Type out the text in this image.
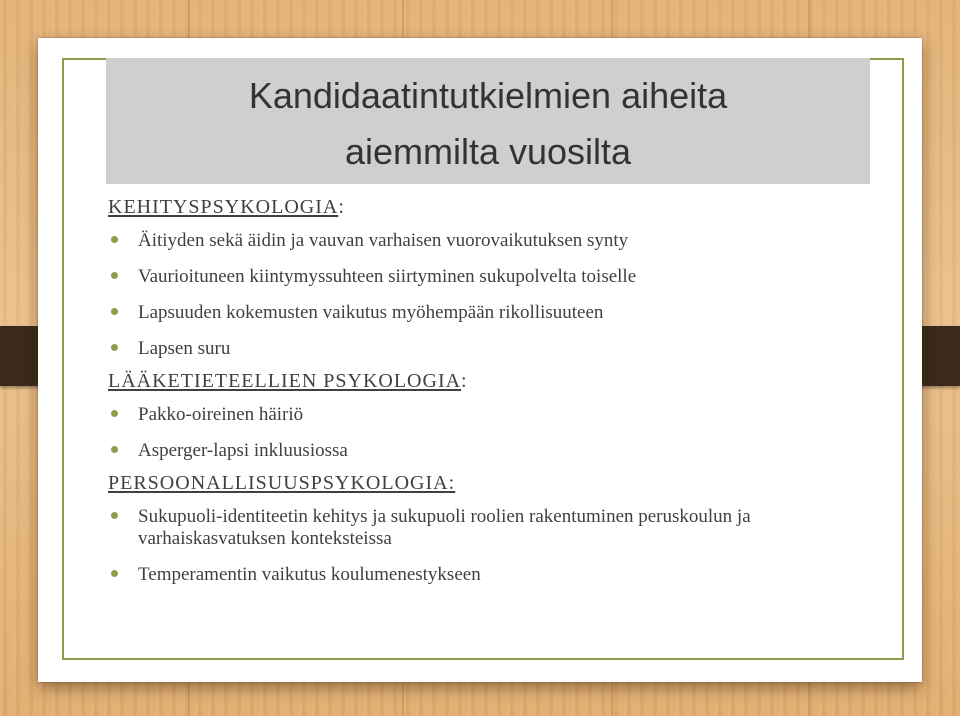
Kandidaatintutkielmien aiheita
aiemmilta vuosilta

KEHITYSPSYKOLOGIA:

Äitiyden sekä äidin ja vauvan varhaisen vuorovaikutuksen synty
Vaurioituneen kiintymyssuhteen siirtyminen sukupolvelta toiselle
Lapsuuden kokemusten vaikutus myöhempään rikollisuuteen
Lapsen suru

LÄÄKETIETEELLIEN PSYKOLOGIA:

Pakko-oireinen häiriö
Asperger-lapsi inkluusiossa

PERSOONALLISUUSPSYKOLOGIA:

Sukupuoli-identiteetin kehitys ja sukupuoli roolien rakentuminen peruskoulun ja varhaiskasvatuksen konteksteissa
Temperamentin vaikutus koulumenestykseen
